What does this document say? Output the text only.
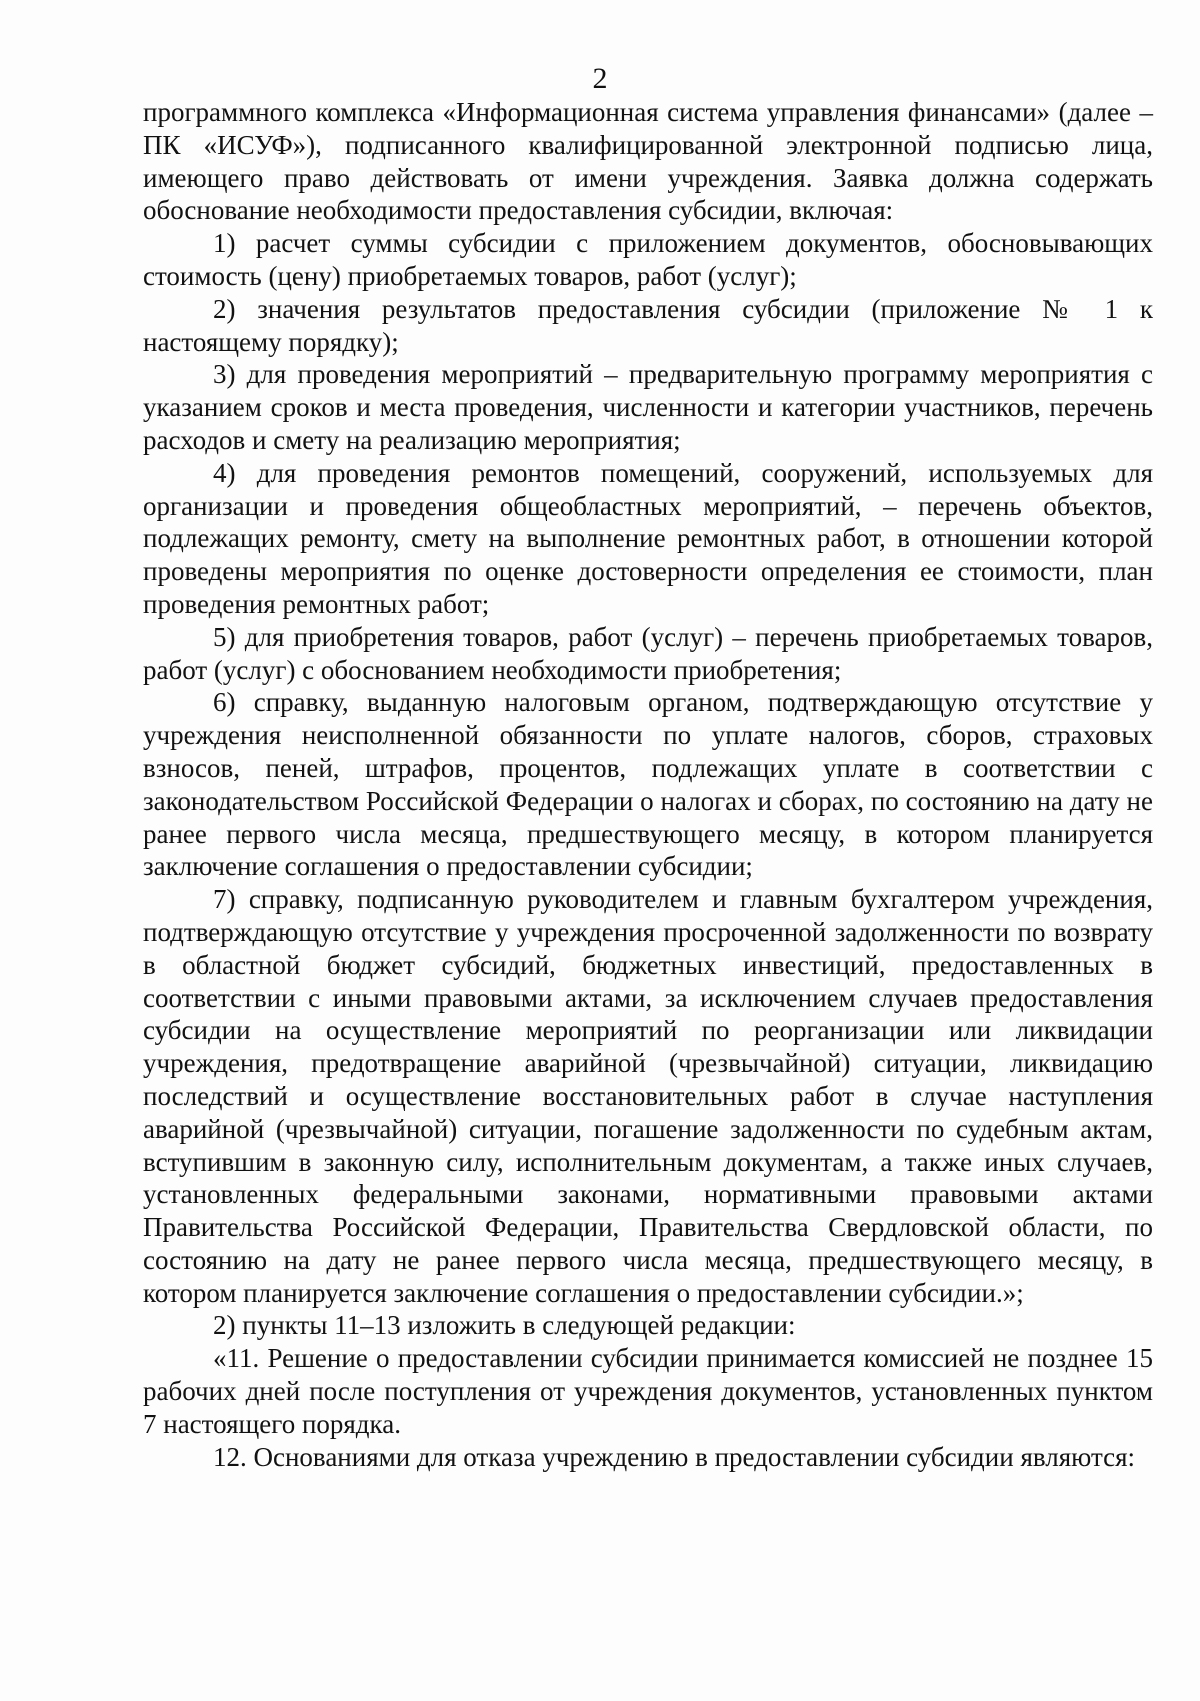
2

программного комплекса «Информационная система управления финансами» (далее – ПК «ИСУФ»), подписанного квалифицированной электронной подписью лица, имеющего право действовать от имени учреждения. Заявка должна содержать обоснование необходимости предоставления субсидии, включая:

1) расчет суммы субсидии с приложением документов, обосновывающих стоимость (цену) приобретаемых товаров, работ (услуг);

2) значения результатов предоставления субсидии (приложение № 1 к настоящему порядку);

3) для проведения мероприятий – предварительную программу мероприятия с указанием сроков и места проведения, численности и категории участников, перечень расходов и смету на реализацию мероприятия;

4) для проведения ремонтов помещений, сооружений, используемых для организации и проведения общеобластных мероприятий, – перечень объектов, подлежащих ремонту, смету на выполнение ремонтных работ, в отношении которой проведены мероприятия по оценке достоверности определения ее стоимости, план проведения ремонтных работ;

5) для приобретения товаров, работ (услуг) – перечень приобретаемых товаров, работ (услуг) с обоснованием необходимости приобретения;

6) справку, выданную налоговым органом, подтверждающую отсутствие у учреждения неисполненной обязанности по уплате налогов, сборов, страховых взносов, пеней, штрафов, процентов, подлежащих уплате в соответствии с законодательством Российской Федерации о налогах и сборах, по состоянию на дату не ранее первого числа месяца, предшествующего месяцу, в котором планируется заключение соглашения о предоставлении субсидии;

7) справку, подписанную руководителем и главным бухгалтером учреждения, подтверждающую отсутствие у учреждения просроченной задолженности по возврату в областной бюджет субсидий, бюджетных инвестиций, предоставленных в соответствии с иными правовыми актами, за исключением случаев предоставления субсидии на осуществление мероприятий по реорганизации или ликвидации учреждения, предотвращение аварийной (чрезвычайной) ситуации, ликвидацию последствий и осуществление восстановительных работ в случае наступления аварийной (чрезвычайной) ситуации, погашение задолженности по судебным актам, вступившим в законную силу, исполнительным документам, а также иных случаев, установленных федеральными законами, нормативными правовыми актами Правительства Российской Федерации, Правительства Свердловской области, по состоянию на дату не ранее первого числа месяца, предшествующего месяцу, в котором планируется заключение соглашения о предоставлении субсидии.»;

2) пункты 11–13 изложить в следующей редакции:

«11. Решение о предоставлении субсидии принимается комиссией не позднее 15 рабочих дней после поступления от учреждения документов, установленных пунктом 7 настоящего порядка.

12. Основаниями для отказа учреждению в предоставлении субсидии являются:
